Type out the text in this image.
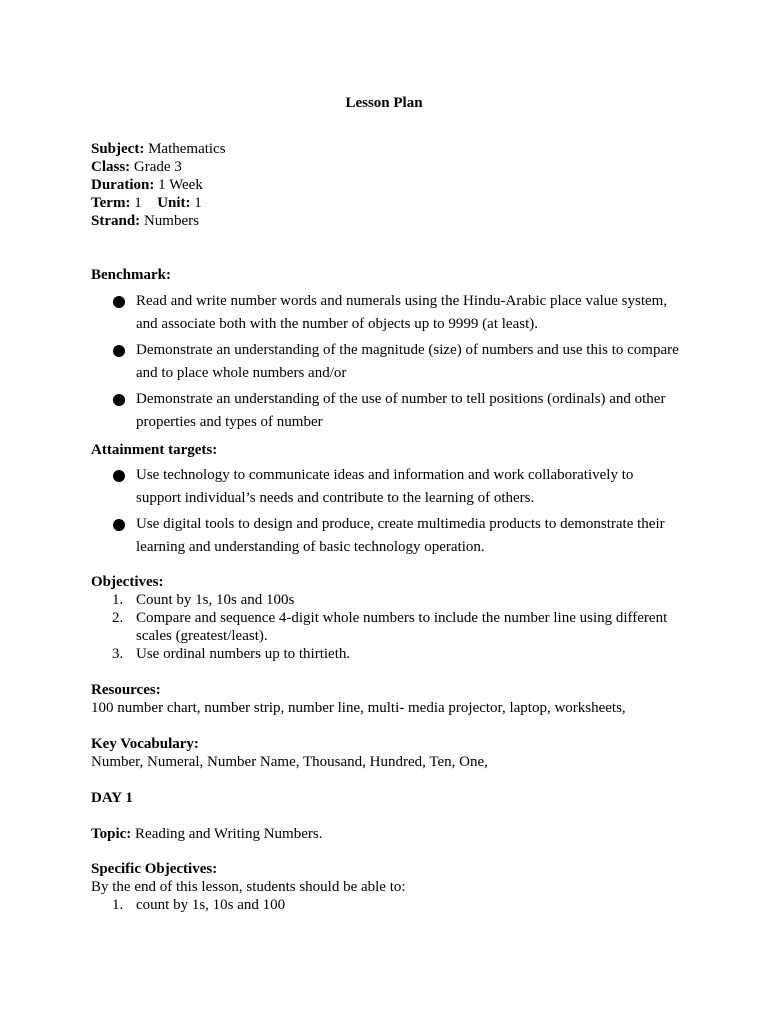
Lesson Plan

Subject: Mathematics

Class: Grade 3

Duration: 1 Week

Term: 1 Unit: 1

Strand: Numbers

Benchmark:

Read and write number words and numerals using the Hindu-Arabic place value system, and associate both with the number of objects up to 9999 (at least).
Demonstrate an understanding of the magnitude (size) of numbers and use this to compare and to place whole numbers and/or
Demonstrate an understanding of the use of number to tell positions (ordinals) and other properties and types of number

Attainment targets:

Use technology to communicate ideas and information and work collaboratively to support individual’s needs and contribute to the learning of others.
Use digital tools to design and produce, create multimedia products to demonstrate their learning and understanding of basic technology operation.

Objectives:

1. Count by 1s, 10s and 100s
2. Compare and sequence 4-digit whole numbers to include the number line using different scales (greatest/least).
3. Use ordinal numbers up to thirtieth.

Resources:

100 number chart, number strip, number line, multi- media projector, laptop, worksheets,

Key Vocabulary:

Number, Numeral, Number Name, Thousand, Hundred, Ten, One,

DAY 1

Topic: Reading and Writing Numbers.

Specific Objectives:

By the end of this lesson, students should be able to:

1. count by 1s, 10s and 100
